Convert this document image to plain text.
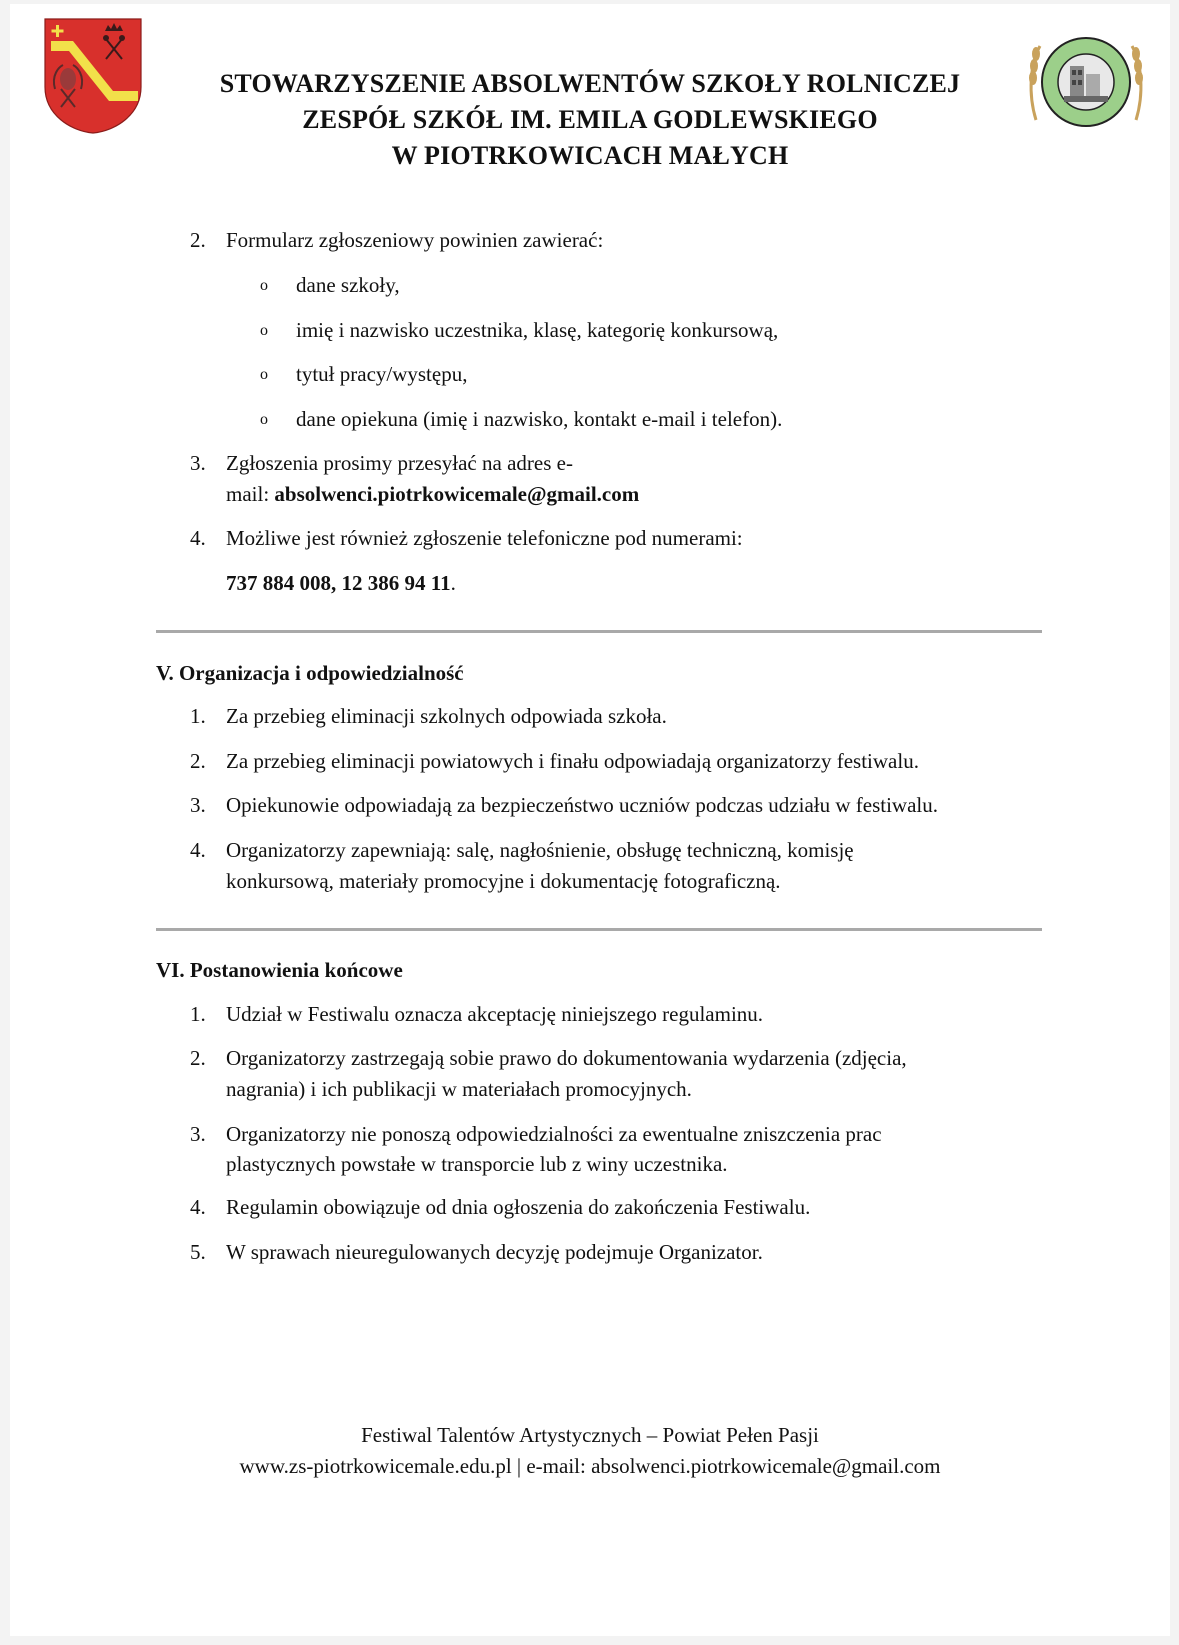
STOWARZYSZENIE ABSOLWENTÓW SZKOŁY ROLNICZEJ
ZESPÓŁ SZKÓŁ IM. EMILA GODLEWSKIEGO
W PIOTRKOWICACH MAŁYCH
2. Formularz zgłoszeniowy powinien zawierać:
o dane szkoły,
o imię i nazwisko uczestnika, klasę, kategorię konkursową,
o tytuł pracy/występu,
o dane opiekuna (imię i nazwisko, kontakt e-mail i telefon).
3. Zgłoszenia prosimy przesyłać na adres e-
mail: absolwenci.piotrkowicemale@gmail.com
4. Możliwe jest również zgłoszenie telefoniczne pod numerami:
737 884 008, 12 386 94 11.
V. Organizacja i odpowiedzialność
1. Za przebieg eliminacji szkolnych odpowiada szkoła.
2. Za przebieg eliminacji powiatowych i finału odpowiadają organizatorzy festiwalu.
3. Opiekunowie odpowiadają za bezpieczeństwo uczniów podczas udziału w festiwalu.
4. Organizatorzy zapewniają: salę, nagłośnienie, obsługę techniczną, komisję
konkursową, materiały promocyjne i dokumentację fotograficzną.
VI. Postanowienia końcowe
1. Udział w Festiwalu oznacza akceptację niniejszego regulaminu.
2. Organizatorzy zastrzegają sobie prawo do dokumentowania wydarzenia (zdjęcia,
nagrania) i ich publikacji w materiałach promocyjnych.
3. Organizatorzy nie ponoszą odpowiedzialności za ewentualne zniszczenia prac
plastycznych powstałe w transporcie lub z winy uczestnika.
4. Regulamin obowiązuje od dnia ogłoszenia do zakończenia Festiwalu.
5. W sprawach nieuregulowanych decyzję podejmuje Organizator.
Festiwal Talentów Artystycznych – Powiat Pełen Pasji
www.zs-piotrkowicemale.edu.pl | e-mail: absolwenci.piotrkowicemale@gmail.com
